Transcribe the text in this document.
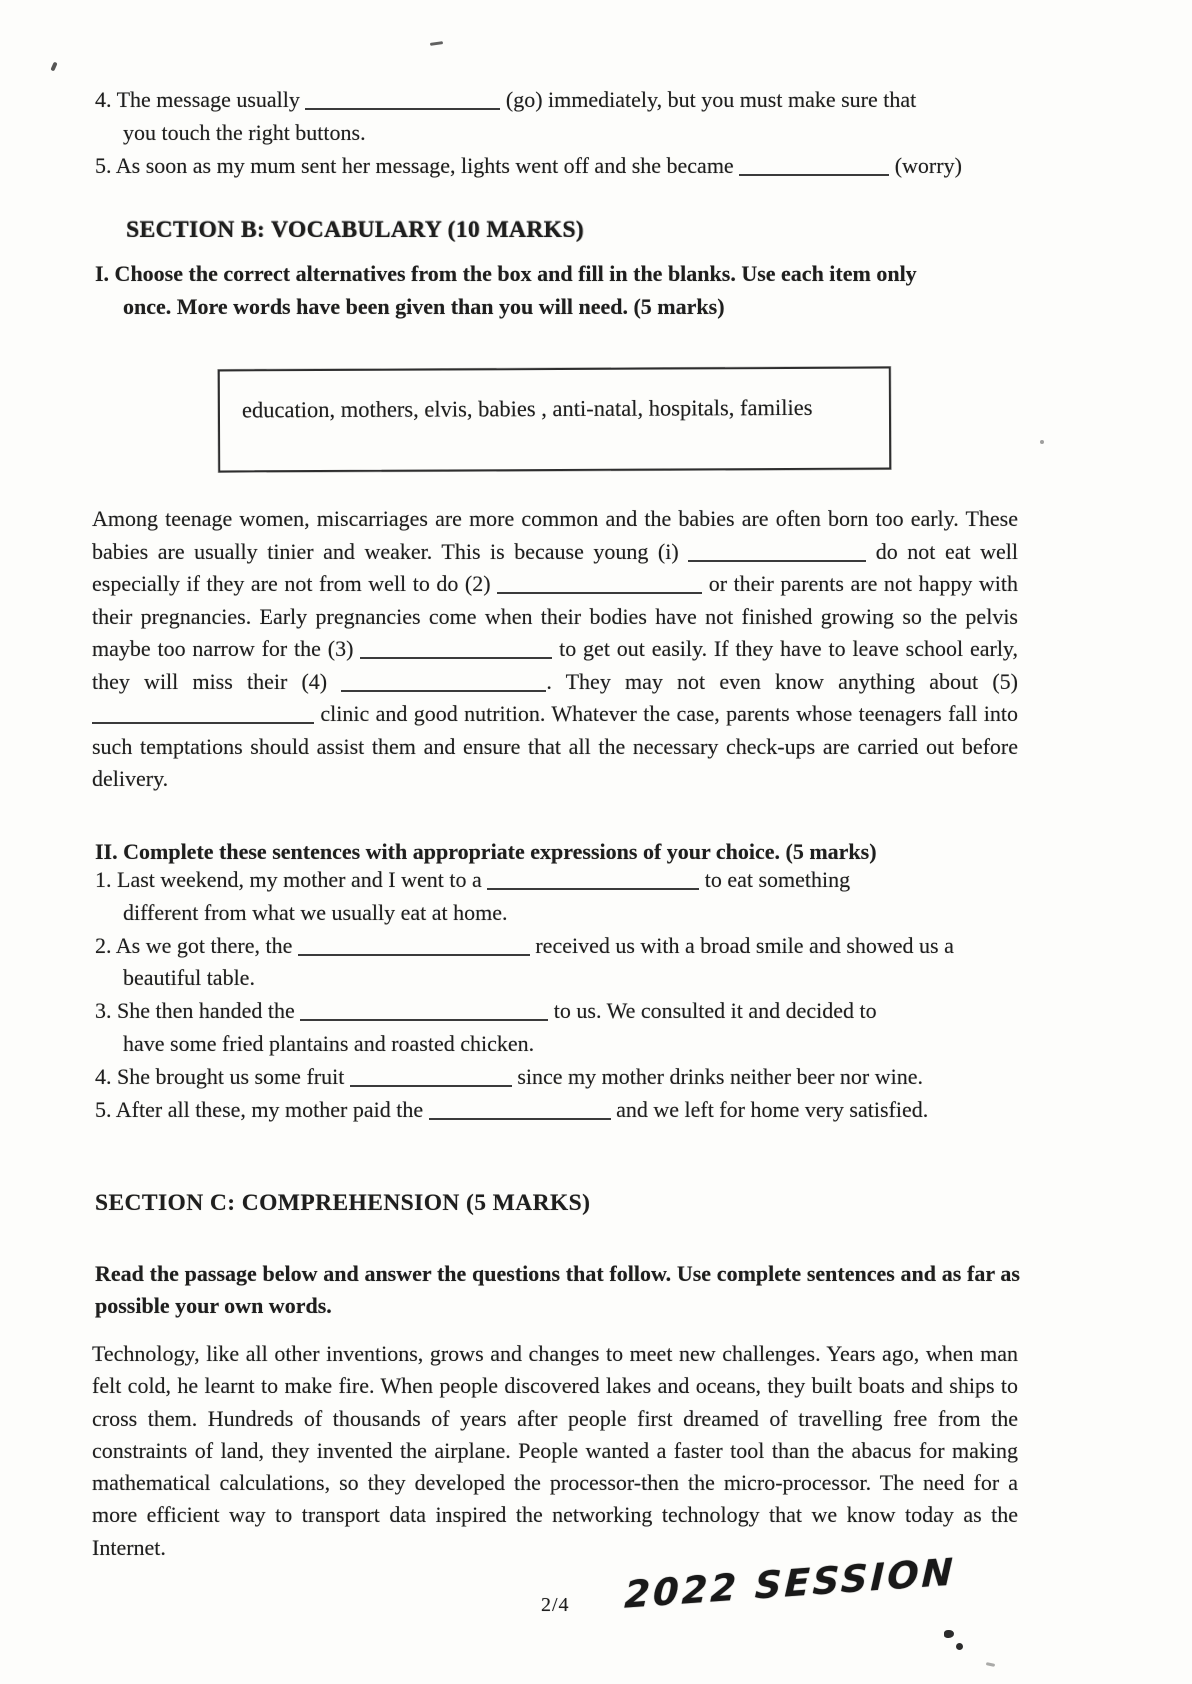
4. The message usually	(go) immediately, but you must make sure that
you touch the right buttons.
5. As soon as my mum sent her message, lights went off and she became	(worry)
SECTION B: VOCABULARY (10 MARKS)
I. Choose the correct alternatives from the box and fill in the blanks. Use each item only
once. More words have been given than you will need. (5 marks)
education, mothers, elvis, babies , anti-natal, hospitals, families
Among teenage women, miscarriages are more common and the babies are often born too early. These babies are usually tinier and weaker. This is because young (i)	do not eat well especially if they are not from well to do (2)	or their parents are not happy with their pregnancies. Early pregnancies come when their bodies have not finished growing so the pelvis maybe too narrow for the (3)	to get out easily. If they have to leave school early, they will miss their (4)	. They may not even know anything about (5)  clinic and good nutrition. Whatever the case, parents whose teenagers fall into such temptations should assist them and ensure that all the necessary check-ups are carried out before delivery.
II. Complete these sentences with appropriate expressions of your choice. (5 marks)
1. Last weekend, my mother and I went to a	to eat something
different from what we usually eat at home.
2. As we got there, the	received us with a broad smile and showed us a
beautiful table.
3. She then handed the	to us. We consulted it and decided to
have some fried plantains and roasted chicken.
4. She brought us some fruit	since my mother drinks neither beer nor wine.
5. After all these, my mother paid the	and we left for home very satisfied.
SECTION C: COMPREHENSION (5 MARKS)
Read the passage below and answer the questions that follow. Use complete sentences and as far as possible your own words.
Technology, like all other inventions, grows and changes to meet new challenges. Years ago, when man felt cold, he learnt to make fire. When people discovered lakes and oceans, they built boats and ships to cross them. Hundreds of thousands of years after people first dreamed of travelling free from the constraints of land, they invented the airplane. People wanted a faster tool than the abacus for making mathematical calculations, so they developed the processor-then the micro-processor. The need for a more efficient way to transport data inspired the networking technology that we know today as the Internet.
2/4 2022 SESSION
